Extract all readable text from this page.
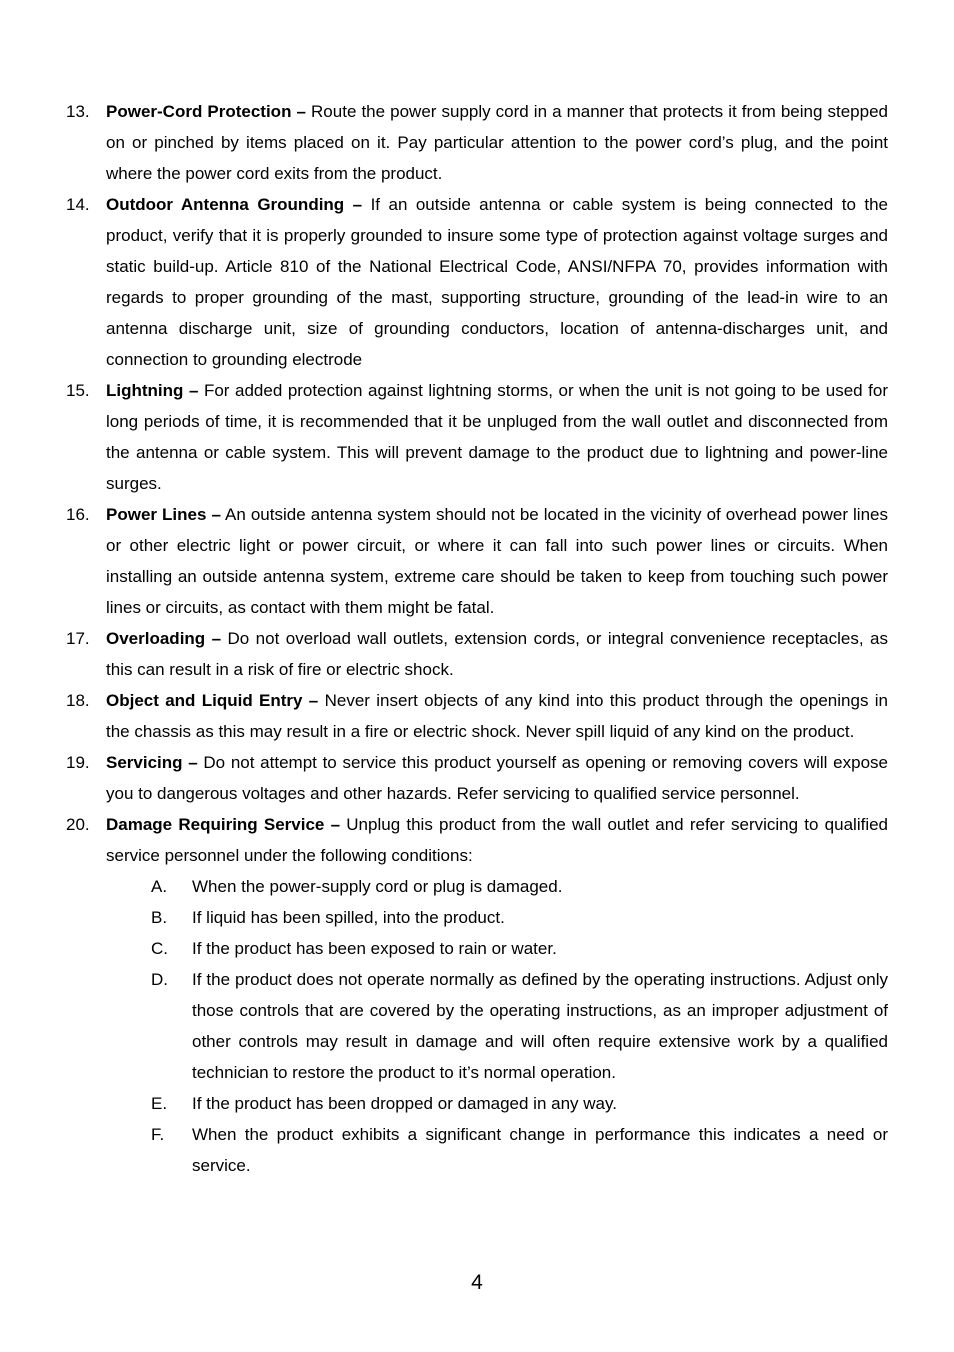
13. Power-Cord Protection – Route the power supply cord in a manner that protects it from being stepped on or pinched by items placed on it. Pay particular attention to the power cord’s plug, and the point where the power cord exits from the product.
14. Outdoor Antenna Grounding – If an outside antenna or cable system is being connected to the product, verify that it is properly grounded to insure some type of protection against voltage surges and static build-up. Article 810 of the National Electrical Code, ANSI/NFPA 70, provides information with regards to proper grounding of the mast, supporting structure, grounding of the lead-in wire to an antenna discharge unit, size of grounding conductors, location of antenna-discharges unit, and connection to grounding electrode
15. Lightning – For added protection against lightning storms, or when the unit is not going to be used for long periods of time, it is recommended that it be unpluged from the wall outlet and disconnected from the antenna or cable system. This will prevent damage to the product due to lightning and power-line surges.
16. Power Lines – An outside antenna system should not be located in the vicinity of overhead power lines or other electric light or power circuit, or where it can fall into such power lines or circuits. When installing an outside antenna system, extreme care should be taken to keep from touching such power lines or circuits, as contact with them might be fatal.
17. Overloading – Do not overload wall outlets, extension cords, or integral convenience receptacles, as this can result in a risk of fire or electric shock.
18. Object and Liquid Entry – Never insert objects of any kind into this product through the openings in the chassis as this may result in a fire or electric shock. Never spill liquid of any kind on the product.
19. Servicing – Do not attempt to service this product yourself as opening or removing covers will expose you to dangerous voltages and other hazards. Refer servicing to qualified service personnel.
20. Damage Requiring Service – Unplug this product from the wall outlet and refer servicing to qualified service personnel under the following conditions:
A. When the power-supply cord or plug is damaged.
B. If liquid has been spilled, into the product.
C. If the product has been exposed to rain or water.
D. If the product does not operate normally as defined by the operating instructions. Adjust only those controls that are covered by the operating instructions, as an improper adjustment of other controls may result in damage and will often require extensive work by a qualified technician to restore the product to it’s normal operation.
E. If the product has been dropped or damaged in any way.
F. When the product exhibits a significant change in performance this indicates a need or service.
4
